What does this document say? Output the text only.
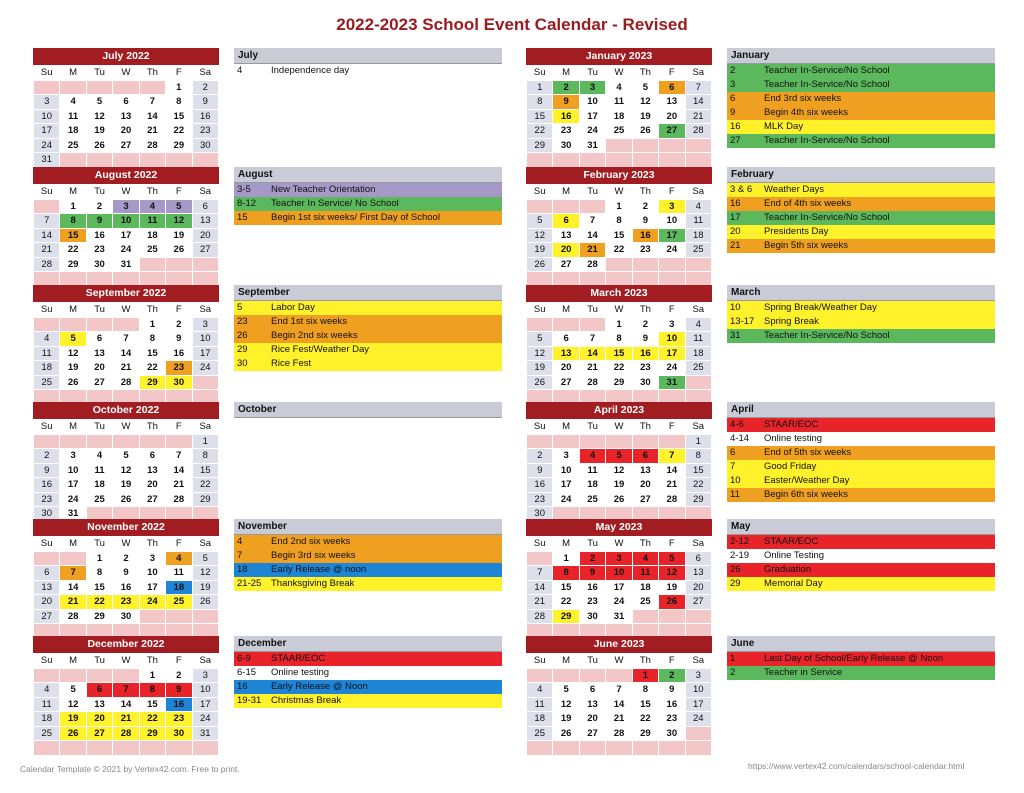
2022-2023 School Event Calendar - Revised
July 2022
Su	M	Tu	W	Th	F	Sa
					1	2
3	4	5	6	7	8	9
10	11	12	13	14	15	16
17	18	19	20	21	22	23
24	25	26	27	28	29	30
31						
August 2022
Su	M	Tu	W	Th	F	Sa
	1	2	3	4	5	6
7	8	9	10	11	12	13
14	15	16	17	18	19	20
21	22	23	24	25	26	27
28	29	30	31			

September 2022
Su	M	Tu	W	Th	F	Sa
				1	2	3
4	5	6	7	8	9	10
11	12	13	14	15	16	17
18	19	20	21	22	23	24
25	26	27	28	29	30	

October 2022
Su	M	Tu	W	Th	F	Sa
						1
2	3	4	5	6	7	8
9	10	11	12	13	14	15
16	17	18	19	20	21	22
23	24	25	26	27	28	29
30	31					
November 2022
Su	M	Tu	W	Th	F	Sa
		1	2	3	4	5
6	7	8	9	10	11	12
13	14	15	16	17	18	19
20	21	22	23	24	25	26
27	28	29	30			

December 2022
Su	M	Tu	W	Th	F	Sa
				1	2	3
4	5	6	7	8	9	10
11	12	13	14	15	16	17
18	19	20	21	22	23	24
25	26	27	28	29	30	31

January 2023
Su	M	Tu	W	Th	F	Sa
1	2	3	4	5	6	7
8	9	10	11	12	13	14
15	16	17	18	19	20	21
22	23	24	25	26	27	28
29	30	31				

February 2023
Su	M	Tu	W	Th	F	Sa
			1	2	3	4
5	6	7	8	9	10	11
12	13	14	15	16	17	18
19	20	21	22	23	24	25
26	27	28				

March 2023
Su	M	Tu	W	Th	F	Sa
			1	2	3	4
5	6	7	8	9	10	11
12	13	14	15	16	17	18
19	20	21	22	23	24	25
26	27	28	29	30	31	

April 2023
Su	M	Tu	W	Th	F	Sa
						1
2	3	4	5	6	7	8
9	10	11	12	13	14	15
16	17	18	19	20	21	22
23	24	25	26	27	28	29
30						
May 2023
Su	M	Tu	W	Th	F	Sa
	1	2	3	4	5	6
7	8	9	10	11	12	13
14	15	16	17	18	19	20
21	22	23	24	25	26	27
28	29	30	31			

June 2023
Su	M	Tu	W	Th	F	Sa
				1	2	3
4	5	6	7	8	9	10
11	12	13	14	15	16	17
18	19	20	21	22	23	24
25	26	27	28	29	30	

July
4	Independence day
August
3-5	New Teacher Orientation
8-12	Teacher In Service/ No School
15	Begin 1st six weeks/ First Day of School
September
5	Labor Day
23	End 1st six weeks
26	Begin 2nd six weeks
29	Rice Fest/Weather Day
30	Rice Fest
October
November
4	End 2nd six weeks
7	Begin 3rd six weeks
18	Early Release @ noon
21-25	Thanksgiving Break
December
6-9	STAAR/EOC
6-15	Online testing
16	Early Release @ Noon
19-31	Christmas Break
January
2	Teacher In-Service/No School
3	Teacher In-Service/No School
6	End 3rd six weeks
9	Begin 4th six weeks
16	MLK Day
27	Teacher In-Service/No School
February
3 & 6	Weather Days
16	End of 4th six weeks
17	Teacher In-Service/No School
20	Presidents Day
21	Begin 5th six weeks
March
10	Spring Break/Weather Day
13-17	Spring Break
31	Teacher In-Service/No School
April
4-6	STAAR/EOC
4-14	Online testing
6	End of 5th six weeks
7	Good Friday
10	Easter/Weather Day
11	Begin 6th six weeks
May
2-12	STAAR/EOC
2-19	Online Testing
26	Graduation
29	Memorial Day
June
1	Last Day of School/Early Release @ Noon
2	Teacher in Service
Calendar Template © 2021 by Vertex42.com. Free to print.	https://www.vertex42.com/calendars/school-calendar.html
